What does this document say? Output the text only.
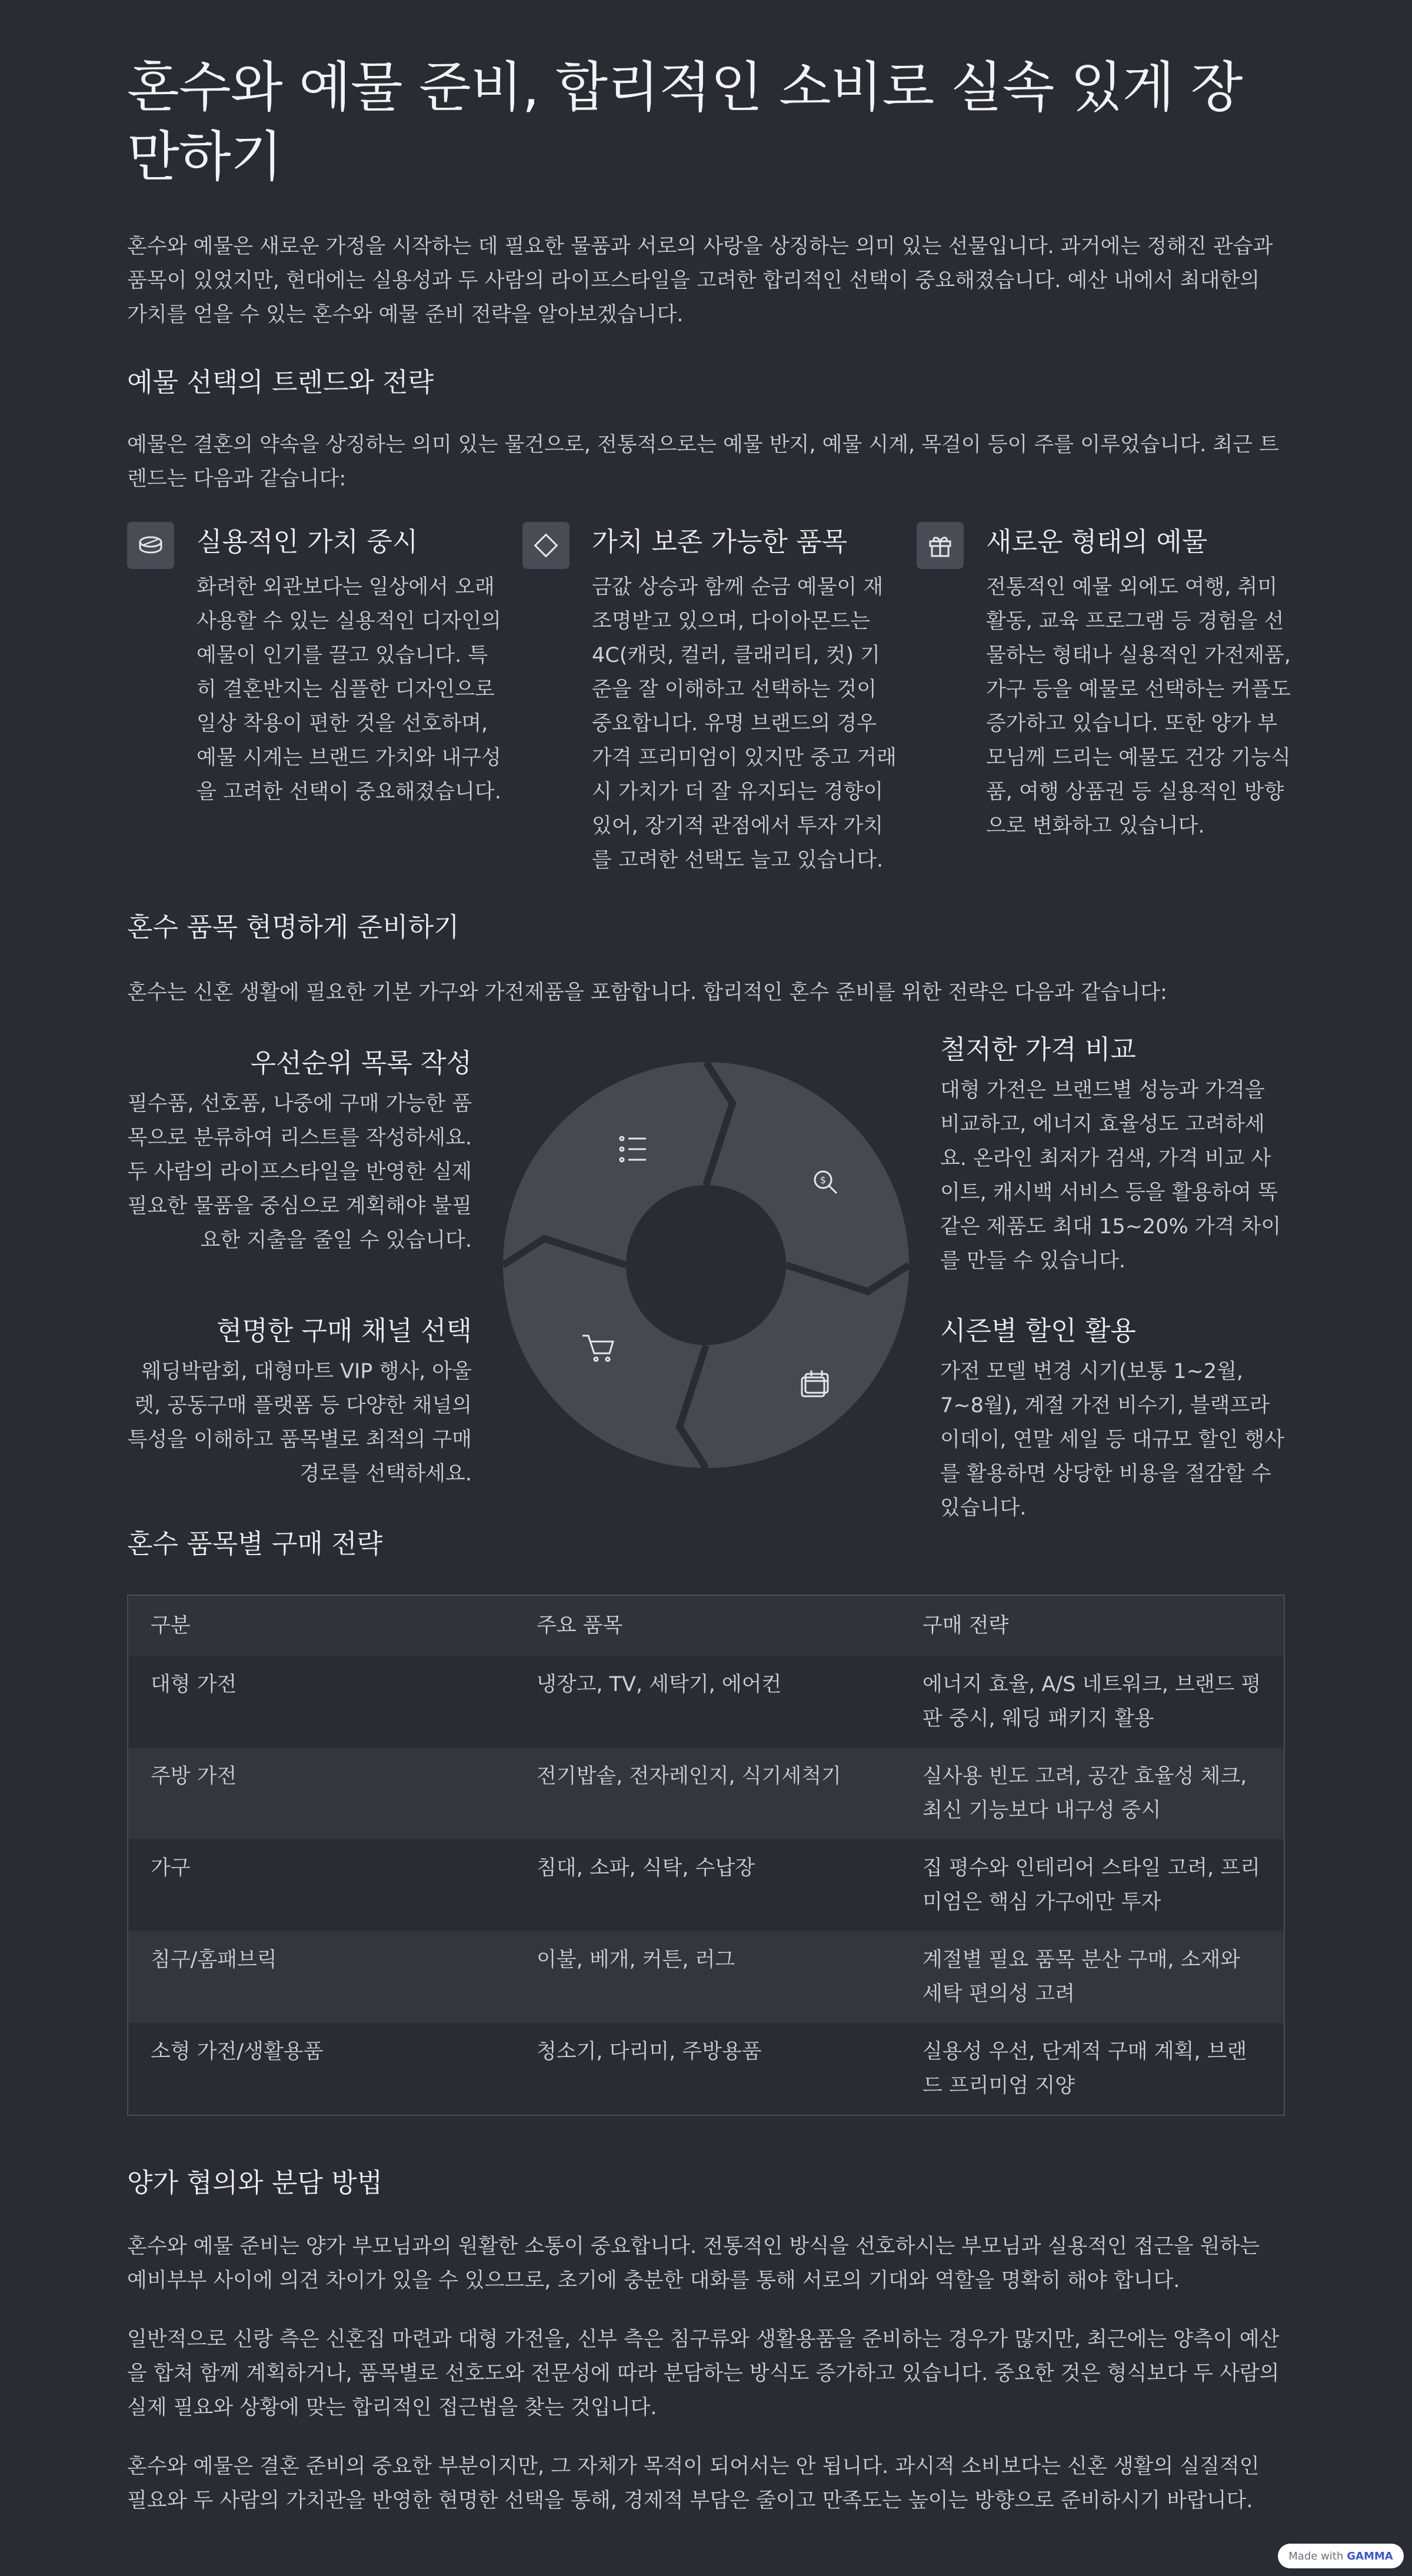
혼수와 예물 준비, 합리적인 소비로 실속 있게 장만하기

혼수와 예물은 새로운 가정을 시작하는 데 필요한 물품과 서로의 사랑을 상징하는 의미 있는 선물입니다. 과거에는 정해진 관습과 품목이 있었지만, 현대에는 실용성과 두 사람의 라이프스타일을 고려한 합리적인 선택이 중요해졌습니다. 예산 내에서 최대한의 가치를 얻을 수 있는 혼수와 예물 준비 전략을 알아보겠습니다.

예물 선택의 트렌드와 전략

예물은 결혼의 약속을 상징하는 의미 있는 물건으로, 전통적으로는 예물 반지, 예물 시계, 목걸이 등이 주를 이루었습니다. 최근 트렌드는 다음과 같습니다:

실용적인 가치 중시

화려한 외관보다는 일상에서 오래 사용할 수 있는 실용적인 디자인의 예물이 인기를 끌고 있습니다. 특히 결혼반지는 심플한 디자인으로 일상 착용이 편한 것을 선호하며, 예물 시계는 브랜드 가치와 내구성을 고려한 선택이 중요해졌습니다.

가치 보존 가능한 품목

금값 상승과 함께 순금 예물이 재조명받고 있으며, 다이아몬드는 4C(캐럿, 컬러, 클래리티, 컷) 기준을 잘 이해하고 선택하는 것이 중요합니다. 유명 브랜드의 경우 가격 프리미엄이 있지만 중고 거래 시 가치가 더 잘 유지되는 경향이 있어, 장기적 관점에서 투자 가치를 고려한 선택도 늘고 있습니다.

새로운 형태의 예물

전통적인 예물 외에도 여행, 취미 활동, 교육 프로그램 등 경험을 선물하는 형태나 실용적인 가전제품, 가구 등을 예물로 선택하는 커플도 증가하고 있습니다. 또한 양가 부모님께 드리는 예물도 건강 기능식품, 여행 상품권 등 실용적인 방향으로 변화하고 있습니다.

혼수 품목 현명하게 준비하기

혼수는 신혼 생활에 필요한 기본 가구와 가전제품을 포함합니다. 합리적인 혼수 준비를 위한 전략은 다음과 같습니다:

우선순위 목록 작성

필수품, 선호품, 나중에 구매 가능한 품목으로 분류하여 리스트를 작성하세요. 두 사람의 라이프스타일을 반영한 실제 필요한 물품을 중심으로 계획해야 불필요한 지출을 줄일 수 있습니다.

현명한 구매 채널 선택

웨딩박람회, 대형마트 VIP 행사, 아울렛, 공동구매 플랫폼 등 다양한 채널의 특성을 이해하고 품목별로 최적의 구매 경로를 선택하세요.

철저한 가격 비교

대형 가전은 브랜드별 성능과 가격을 비교하고, 에너지 효율성도 고려하세요. 온라인 최저가 검색, 가격 비교 사이트, 캐시백 서비스 등을 활용하여 똑같은 제품도 최대 15~20% 가격 차이를 만들 수 있습니다.

시즌별 할인 활용

가전 모델 변경 시기(보통 1~2월, 7~8월), 계절 가전 비수기, 블랙프라이데이, 연말 세일 등 대규모 할인 행사를 활용하면 상당한 비용을 절감할 수 있습니다.

$
혼수 품목별 구매 전략
구분	주요 품목	구매 전략
대형 가전	냉장고, TV, 세탁기, 에어컨	에너지 효율, A/S 네트워크, 브랜드 평판 중시, 웨딩 패키지 활용
주방 가전	전기밥솥, 전자레인지, 식기세척기	실사용 빈도 고려, 공간 효율성 체크, 최신 기능보다 내구성 중시
가구	침대, 소파, 식탁, 수납장	집 평수와 인테리어 스타일 고려, 프리미엄은 핵심 가구에만 투자
침구/홈패브릭	이불, 베개, 커튼, 러그	계절별 필요 품목 분산 구매, 소재와 세탁 편의성 고려
소형 가전/생활용품	청소기, 다리미, 주방용품	실용성 우선, 단계적 구매 계획, 브랜드 프리미엄 지양
양가 협의와 분담 방법

혼수와 예물 준비는 양가 부모님과의 원활한 소통이 중요합니다. 전통적인 방식을 선호하시는 부모님과 실용적인 접근을 원하는 예비부부 사이에 의견 차이가 있을 수 있으므로, 초기에 충분한 대화를 통해 서로의 기대와 역할을 명확히 해야 합니다.

일반적으로 신랑 측은 신혼집 마련과 대형 가전을, 신부 측은 침구류와 생활용품을 준비하는 경우가 많지만, 최근에는 양측이 예산을 합쳐 함께 계획하거나, 품목별로 선호도와 전문성에 따라 분담하는 방식도 증가하고 있습니다. 중요한 것은 형식보다 두 사람의 실제 필요와 상황에 맞는 합리적인 접근법을 찾는 것입니다.

혼수와 예물은 결혼 준비의 중요한 부분이지만, 그 자체가 목적이 되어서는 안 됩니다. 과시적 소비보다는 신혼 생활의 실질적인 필요와 두 사람의 가치관을 반영한 현명한 선택을 통해, 경제적 부담은 줄이고 만족도는 높이는 방향으로 준비하시기 바랍니다.

Made with GAMMA
